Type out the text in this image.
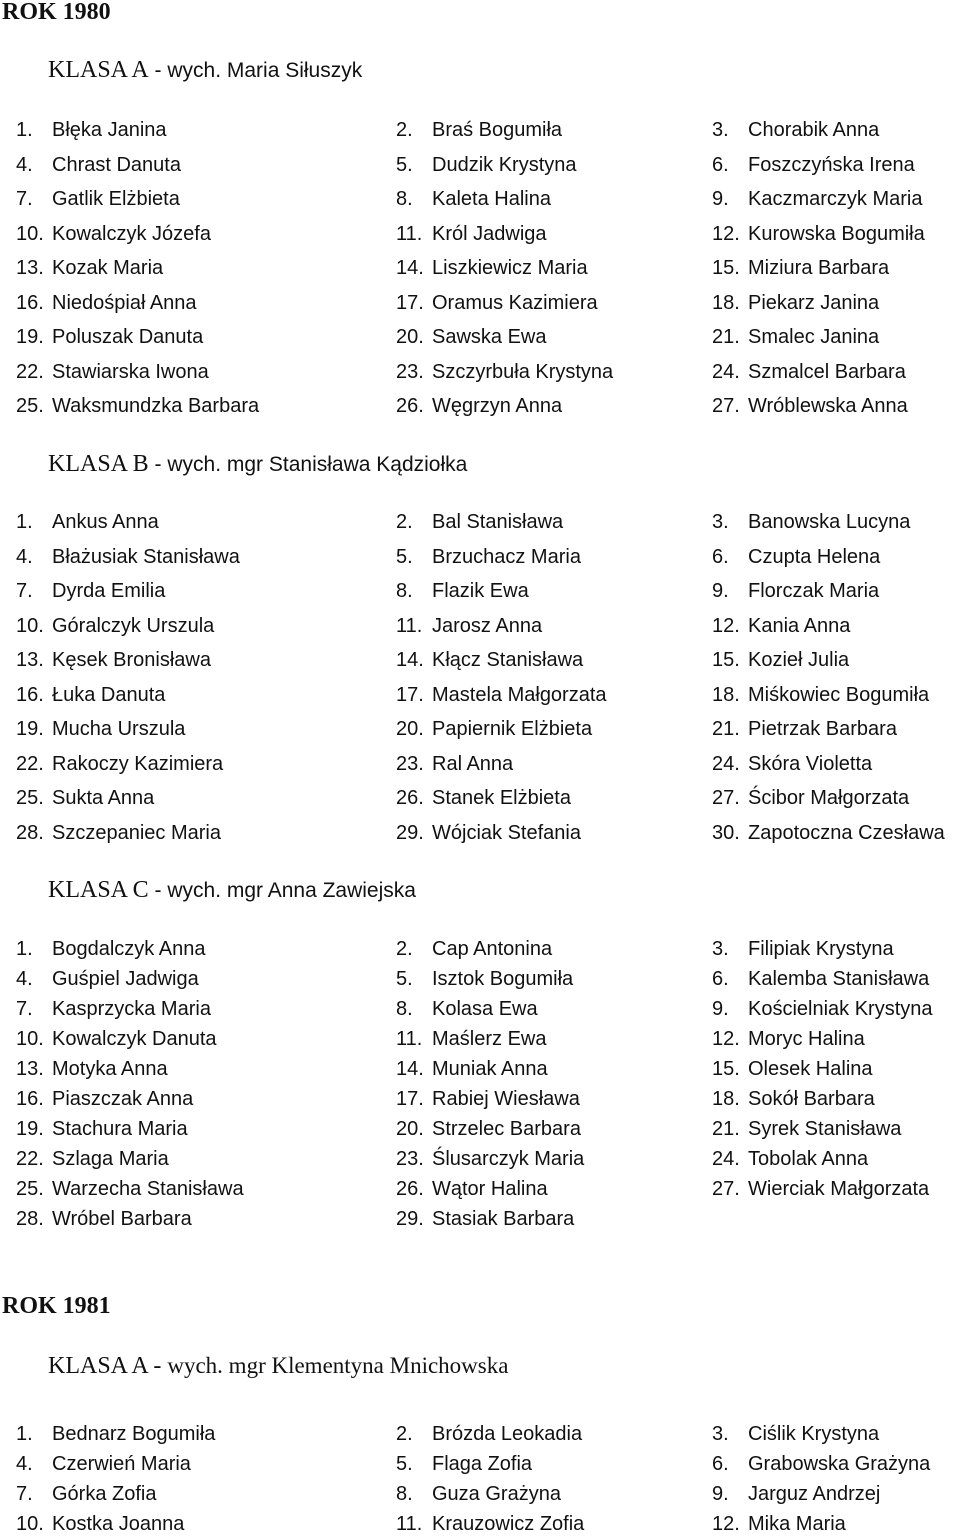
ROK 1980
KLASA A - wych. Maria Siłuszyk
1. Błęka Janina	2. Braś Bogumiła	3. Chorabik Anna
4. Chrast Danuta	5. Dudzik Krystyna	6. Foszczyńska Irena
7. Gatlik Elżbieta	8. Kaleta Halina	9. Kaczmarczyk Maria
10. Kowalczyk Józefa	11. Król Jadwiga	12. Kurowska Bogumiła
13. Kozak Maria	14. Liszkiewicz Maria	15. Miziura Barbara
16. Niedośpiał Anna	17. Oramus Kazimiera	18. Piekarz Janina
19. Poluszak Danuta	20. Sawska Ewa	21. Smalec Janina
22. Stawiarska Iwona	23. Szczyrbuła Krystyna	24. Szmalcel Barbara
25. Waksmundzka Barbara	26. Węgrzyn Anna	27. Wróblewska Anna
KLASA B - wych. mgr Stanisława Kądziołka
1. Ankus Anna	2. Bal Stanisława	3. Banowska Lucyna
4. Błażusiak Stanisława	5. Brzuchacz Maria	6. Czupta Helena
7. Dyrda Emilia	8. Flazik Ewa	9. Florczak Maria
10. Góralczyk Urszula	11. Jarosz Anna	12. Kania Anna
13. Kęsek Bronisława	14. Kłącz Stanisława	15. Kozieł Julia
16. Łuka Danuta	17. Mastela Małgorzata	18. Miśkowiec Bogumiła
19. Mucha Urszula	20. Papiernik Elżbieta	21. Pietrzak Barbara
22. Rakoczy Kazimiera	23. Ral Anna	24. Skóra Violetta
25. Sukta Anna	26. Stanek Elżbieta	27. Ścibor Małgorzata
28. Szczepaniec Maria	29. Wójciak Stefania	30. Zapotoczna Czesława
KLASA C - wych. mgr Anna Zawiejska
1. Bogdalczyk Anna	2. Cap Antonina	3. Filipiak Krystyna
4. Guśpiel Jadwiga	5. Isztok Bogumiła	6. Kalemba Stanisława
7. Kasprzycka Maria	8. Kolasa Ewa	9. Kościelniak Krystyna
10. Kowalczyk Danuta	11. Maślerz Ewa	12. Moryc Halina
13. Motyka Anna	14. Muniak Anna	15. Olesek Halina
16. Piaszczak Anna	17. Rabiej Wiesława	18. Sokół Barbara
19. Stachura Maria	20. Strzelec Barbara	21. Syrek Stanisława
22. Szlaga Maria	23. Ślusarczyk Maria	24. Tobolak Anna
25. Warzecha Stanisława	26. Wątor Halina	27. Wierciak Małgorzata
28. Wróbel Barbara	29. Stasiak Barbara
ROK 1981
KLASA A - wych. mgr Klementyna Mnichowska
1. Bednarz Bogumiła	2. Brózda Leokadia	3. Ciślik Krystyna
4. Czerwień Maria	5. Flaga Zofia	6. Grabowska Grażyna
7. Górka Zofia	8. Guza Grażyna	9. Jarguz Andrzej
10. Kostka Joanna	11. Krauzowicz Zofia	12. Mika Maria
